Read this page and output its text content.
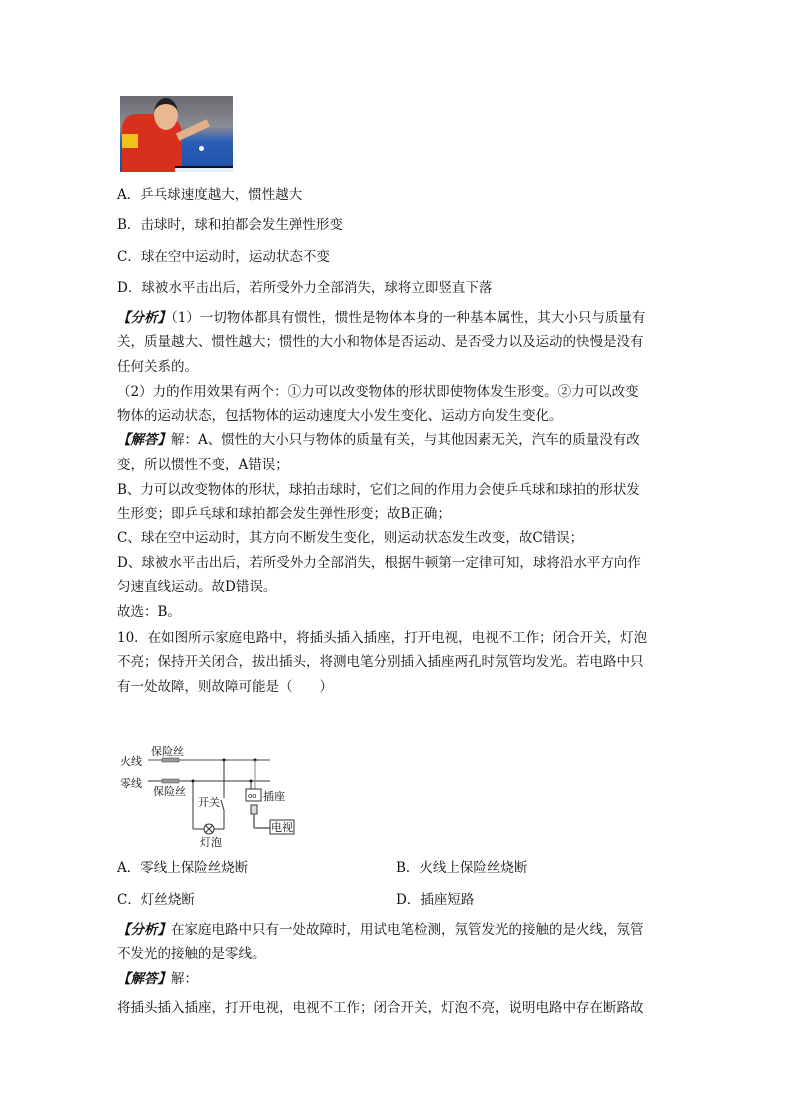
A．乒乓球速度越大，惯性越大
B．击球时，球和拍都会发生弹性形变
C．球在空中运动时，运动状态不变
D．球被水平击出后，若所受外力全部消失，球将立即竖直下落
【分析】（1）一切物体都具有惯性，惯性是物体本身的一种基本属性，其大小只与质量有
关，质量越大、惯性越大；惯性的大小和物体是否运动、是否受力以及运动的快慢是没有
任何关系的。
（2）力的作用效果有两个：①力可以改变物体的形状即使物体发生形变。②力可以改变
物体的运动状态，包括物体的运动速度大小发生变化、运动方向发生变化。
【解答】解：A、惯性的大小只与物体的质量有关，与其他因素无关，汽车的质量没有改
变，所以惯性不变，A错误；
B、力可以改变物体的形状，球拍击球时，它们之间的作用力会使乒乓球和球拍的形状发
生形变；即乒乓球和球拍都会发生弹性形变；故B正确；
C、球在空中运动时，其方向不断发生变化，则运动状态发生改变，故C错误；
D、球被水平击出后，若所受外力全部消失，根据牛顿第一定律可知，球将沿水平方向作
匀速直线运动。故D错误。
故选：B。
10．在如图所示家庭电路中，将插头插入插座，打开电视，电视不工作；闭合开关，灯泡
不亮；保持开关闭合，拔出插头，将测电笔分别插入插座两孔时氖管均发光。若电路中只
有一处故障，则故障可能是（　　）
火线
零线
保险丝
保险丝
开关
灯泡
oo 插座
电视
A．零线上保险丝烧断	B．火线上保险丝烧断
C．灯丝烧断	D．插座短路
【分析】在家庭电路中只有一处故障时，用试电笔检测，氖管发光的接触的是火线，氖管
不发光的接触的是零线。
【解答】解：
将插头插入插座，打开电视，电视不工作；闭合开关，灯泡不亮，说明电路中存在断路故
